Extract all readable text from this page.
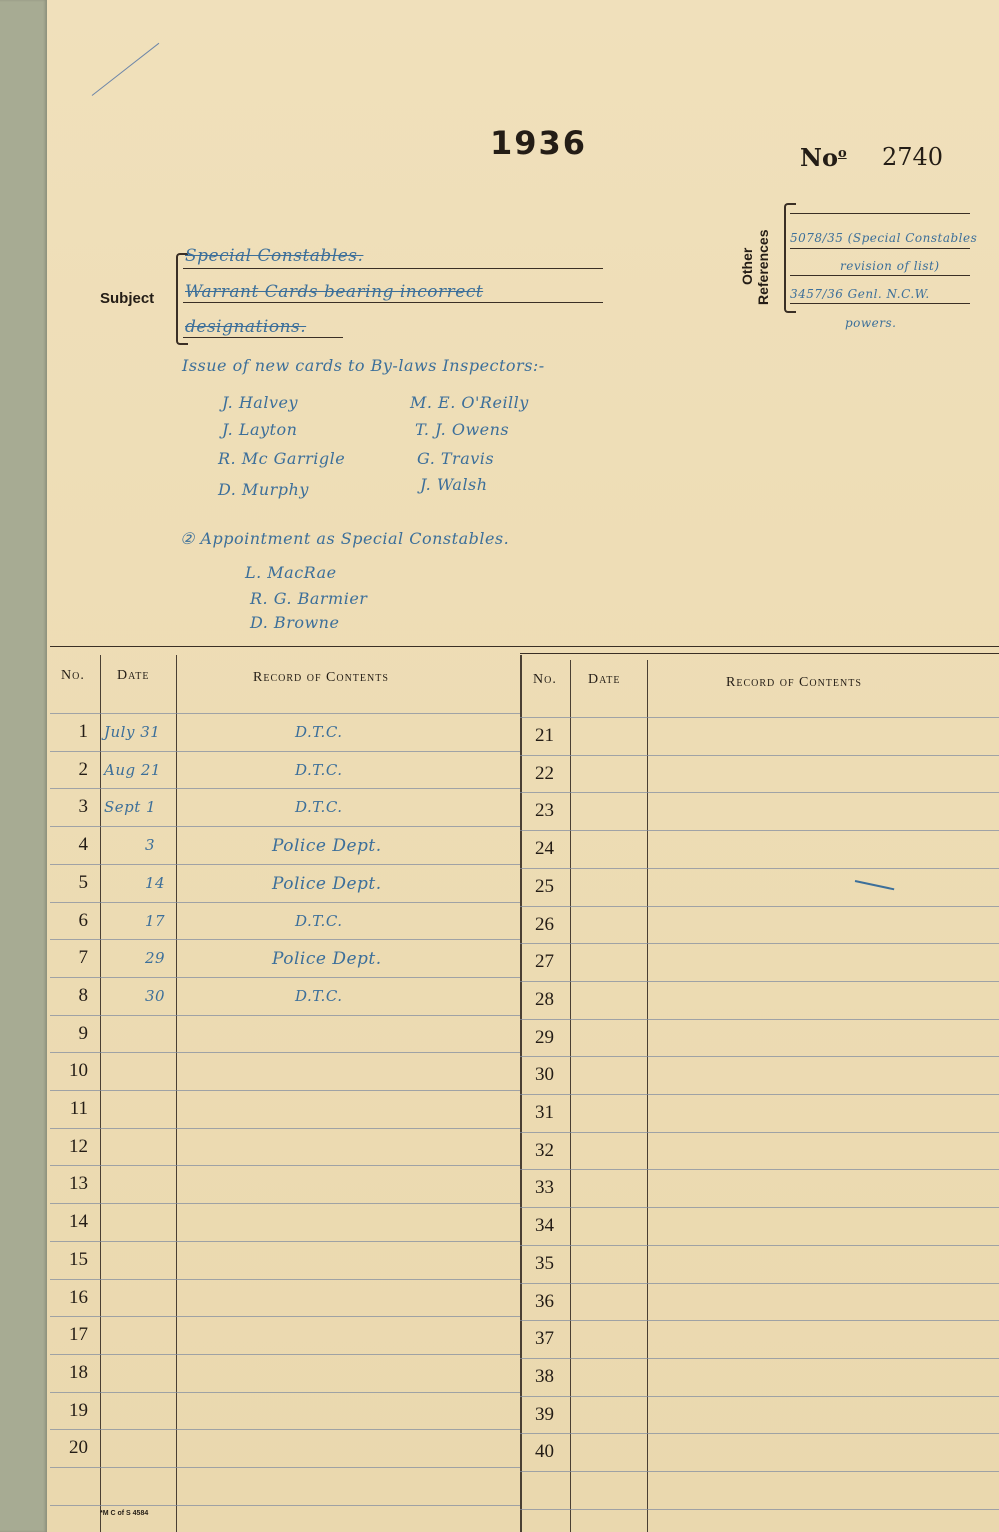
1936	No$^o$ 2740
Subject
Special Constables.
Warrant Cards bearing incorrect
designations.
Other References 5078/35 (Special Constables
revision of list)
3457/36 Genl. N.C.W.
powers.
Issue of new cards to By-laws Inspectors:-
J. Halvey
J. Layton
R. Mc Garrigle
D. Murphy
M. E. O'Reilly
T. J. Owens
G. Travis
J. Walsh
② Appointment as Special Constables.
L. MacRae
R. G. Barmier
D. Browne
No. Date	Record of Contents	No. Date	Record of Contents
1 July 31	D.T.C.
2 Aug 21	D.T.C.
3 Sept 1	D.T.C.
4	3	Police Dept.
5	14	Police Dept.
6	17	D.T.C.
7	29	Police Dept.
8	30	D.T.C.
9
10
11
12
13
14
15
16
17
18
19
20
21
22
23
24
25
26
27
28
29
30
31
32
33
34
35
36
37
38
39
40
*M C of S 4584
